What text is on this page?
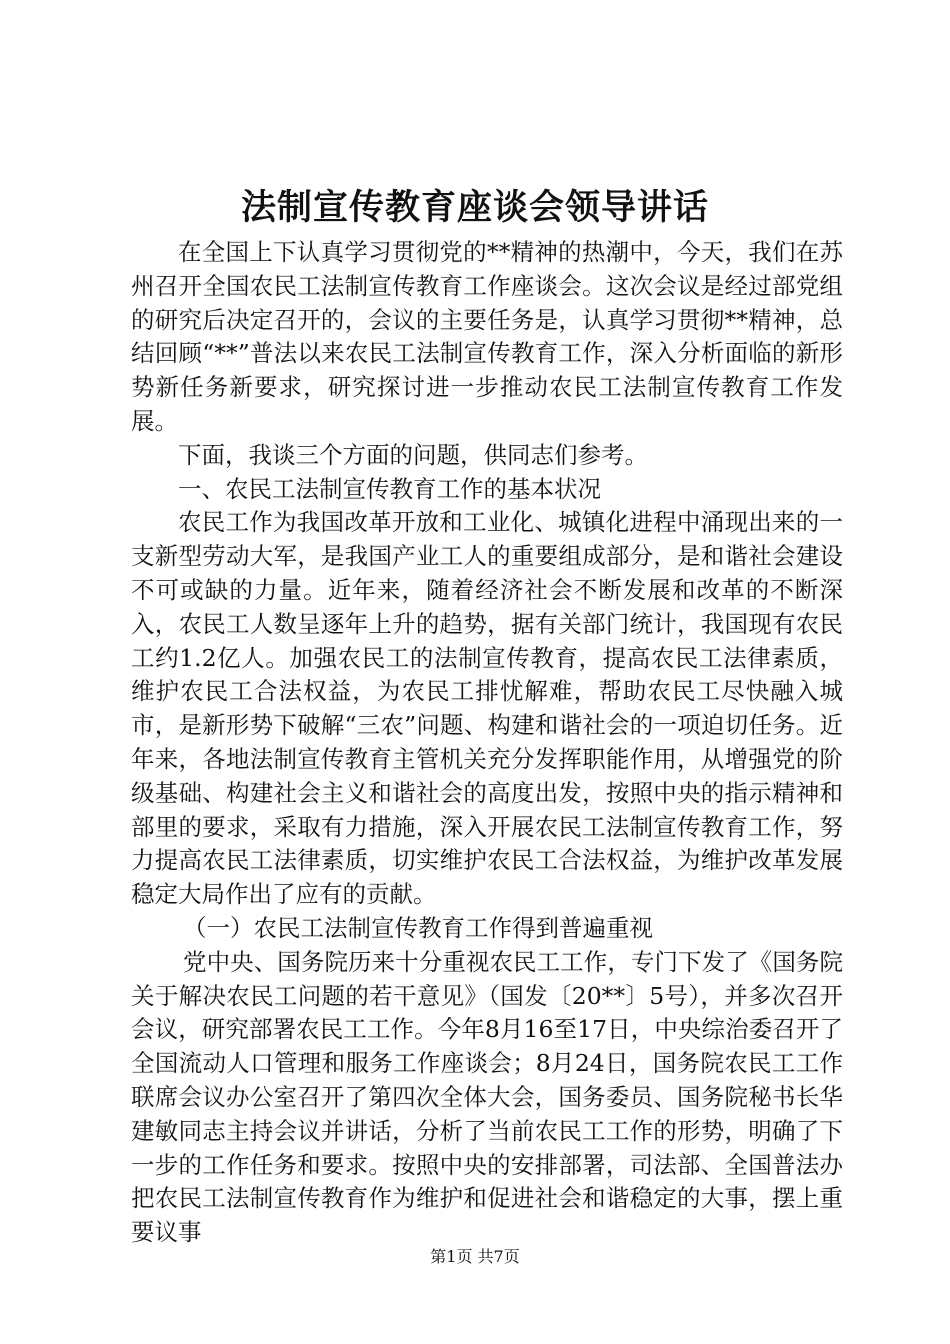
法制宣传教育座谈会领导讲话

在全国上下认真学习贯彻党的**精神的热潮中，今天，我们在苏州召开全国农民工法制宣传教育工作座谈会。这次会议是经过部党组的研究后决定召开的，会议的主要任务是，认真学习贯彻**精神，总结回顾“**”普法以来农民工法制宣传教育工作，深入分析面临的新形势新任务新要求，研究探讨进一步推动农民工法制宣传教育工作发展。

下面，我谈三个方面的问题，供同志们参考。

一、农民工法制宣传教育工作的基本状况

农民工作为我国改革开放和工业化、城镇化进程中涌现出来的一支新型劳动大军，是我国产业工人的重要组成部分，是和谐社会建设不可或缺的力量。近年来，随着经济社会不断发展和改革的不断深入，农民工人数呈逐年上升的趋势，据有关部门统计，我国现有农民工约1.2亿人。加强农民工的法制宣传教育，提高农民工法律素质，维护农民工合法权益，为农民工排忧解难，帮助农民工尽快融入城市，是新形势下破解“三农”问题、构建和谐社会的一项迫切任务。近年来，各地法制宣传教育主管机关充分发挥职能作用，从增强党的阶级基础、构建社会主义和谐社会的高度出发，按照中央的指示精神和部里的要求，采取有力措施，深入开展农民工法制宣传教育工作，努力提高农民工法律素质，切实维护农民工合法权益，为维护改革发展稳定大局作出了应有的贡献。

（一）农民工法制宣传教育工作得到普遍重视

党中央、国务院历来十分重视农民工工作，专门下发了《国务院关于解决农民工问题的若干意见》（国发〔20**〕5号），并多次召开会议，研究部署农民工工作。今年8月16至17日，中央综治委召开了全国流动人口管理和服务工作座谈会；8月24日，国务院农民工工作联席会议办公室召开了第四次全体大会，国务委员、国务院秘书长华建敏同志主持会议并讲话，分析了当前农民工工作的形势，明确了下一步的工作任务和要求。按照中央的安排部署，司法部、全国普法办把农民工法制宣传教育作为维护和促进社会和谐稳定的大事，摆上重要议事

第1页 共7页
